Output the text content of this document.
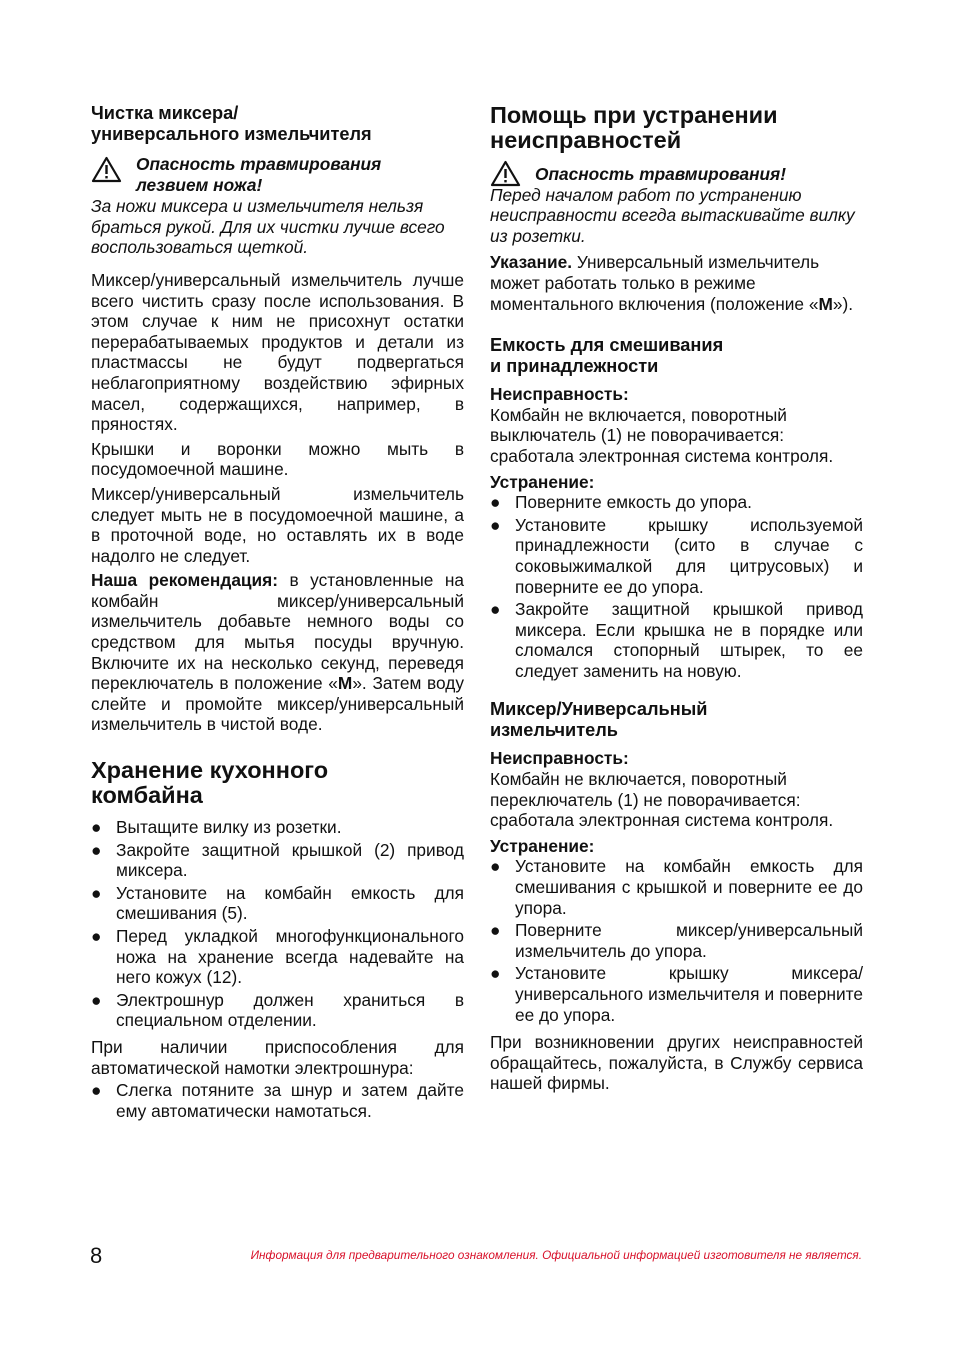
Чистка миксера/
универсального измельчителя
Опасность травмирования
лезвием ножа!

За ножи миксера и измельчителя нельзя браться рукой. Для их чистки лучше всего воспользоваться щеткой.

Миксер/универсальный измельчитель лучше всего чистить сразу после использования. В этом случае к ним не присохнут остатки перерабатываемых продуктов и детали из пластмассы не будут подвергаться неблагоприятному воздействию эфирных масел, содержащихся, например, в пряностях.

Крышки и воронки можно мыть в посудомоечной машине.

Миксер/универсальный измельчитель следует мыть не в посудомоечной машине, а в проточной воде, но оставлять их в воде надолго не следует.

Наша рекомендация: в установленные на комбайн миксер/универсальный измельчитель добавьте немного воды со средством для мытья посуды вручную. Включите их на несколько секунд, переведя переключатель в положение «M». Затем воду слейте и промойте миксер/универсальный измельчитель в чистой воде.

Хранение кухонного
комбайна
● Вытащите вилку из розетки.
● Закройте защитной крышкой (2) привод миксера.
● Установите на комбайн емкость для смешивания (5).
● Перед укладкой многофункционального ножа на хранение всегда надевайте на него кожух (12).
● Электрошнур должен храниться в специальном отделении.

При наличии приспособления для автоматической намотки электрошнура:

● Слегка потяните за шнур и затем дайте ему автоматически намотаться.
Помощь при устранении
неисправностей
Опасность травмирования!

Перед началом работ по устранению неисправности всегда вытаскивайте вилку из розетки.

Указание. Универсальный измельчитель может работать только в режиме моментального включения (положение «M»).

Емкость для смешивания
и принадлежности

Неисправность:

Комбайн не включается, поворотный выключатель (1) не поворачивается: сработала электронная система контроля.

Устранение:

● Поверните емкость до упора.
● Установите крышку используемой принадлежности (сито в случае с соковыжималкой для цитрусовых) и поверните ее до упора.
● Закройте защитной крышкой привод миксера. Если крышка не в порядке или сломался стопорный штырек, то ее следует заменить на новую.
Миксер/Универсальный
измельчитель

Неисправность:

Комбайн не включается, поворотный переключатель (1) не поворачивается: сработала электронная система контроля.

Устранение:

● Установите на комбайн емкость для смешивания с крышкой и поверните ее до упора.
● Поверните миксер/универсальный измельчитель до упора.
● Установите крышку миксера/универсального измельчителя и поверните ее до упора.

При возникновении других неисправностей обращайтесь, пожалуйста, в Службу сервиса нашей фирмы.

8	Информация для предварительного ознакомления. Официальной информацией изготовителя не является.
